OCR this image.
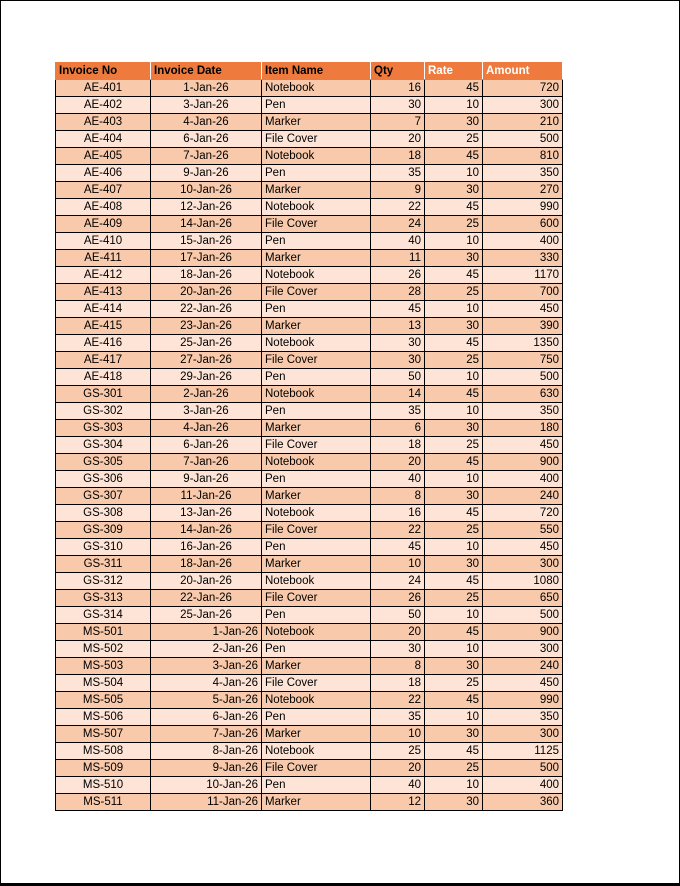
Invoice No	Invoice Date	Item Name	Qty	Rate	Amount
AE-401	1-Jan-26	Notebook	16	45	720
AE-402	3-Jan-26	Pen	30	10	300
AE-403	4-Jan-26	Marker	7	30	210
AE-404	6-Jan-26	File Cover	20	25	500
AE-405	7-Jan-26	Notebook	18	45	810
AE-406	9-Jan-26	Pen	35	10	350
AE-407	10-Jan-26	Marker	9	30	270
AE-408	12-Jan-26	Notebook	22	45	990
AE-409	14-Jan-26	File Cover	24	25	600
AE-410	15-Jan-26	Pen	40	10	400
AE-411	17-Jan-26	Marker	11	30	330
AE-412	18-Jan-26	Notebook	26	45	1170
AE-413	20-Jan-26	File Cover	28	25	700
AE-414	22-Jan-26	Pen	45	10	450
AE-415	23-Jan-26	Marker	13	30	390
AE-416	25-Jan-26	Notebook	30	45	1350
AE-417	27-Jan-26	File Cover	30	25	750
AE-418	29-Jan-26	Pen	50	10	500
GS-301	2-Jan-26	Notebook	14	45	630
GS-302	3-Jan-26	Pen	35	10	350
GS-303	4-Jan-26	Marker	6	30	180
GS-304	6-Jan-26	File Cover	18	25	450
GS-305	7-Jan-26	Notebook	20	45	900
GS-306	9-Jan-26	Pen	40	10	400
GS-307	11-Jan-26	Marker	8	30	240
GS-308	13-Jan-26	Notebook	16	45	720
GS-309	14-Jan-26	File Cover	22	25	550
GS-310	16-Jan-26	Pen	45	10	450
GS-311	18-Jan-26	Marker	10	30	300
GS-312	20-Jan-26	Notebook	24	45	1080
GS-313	22-Jan-26	File Cover	26	25	650
GS-314	25-Jan-26	Pen	50	10	500
MS-501	1-Jan-26	Notebook	20	45	900
MS-502	2-Jan-26	Pen	30	10	300
MS-503	3-Jan-26	Marker	8	30	240
MS-504	4-Jan-26	File Cover	18	25	450
MS-505	5-Jan-26	Notebook	22	45	990
MS-506	6-Jan-26	Pen	35	10	350
MS-507	7-Jan-26	Marker	10	30	300
MS-508	8-Jan-26	Notebook	25	45	1125
MS-509	9-Jan-26	File Cover	20	25	500
MS-510	10-Jan-26	Pen	40	10	400
MS-511	11-Jan-26	Marker	12	30	360
